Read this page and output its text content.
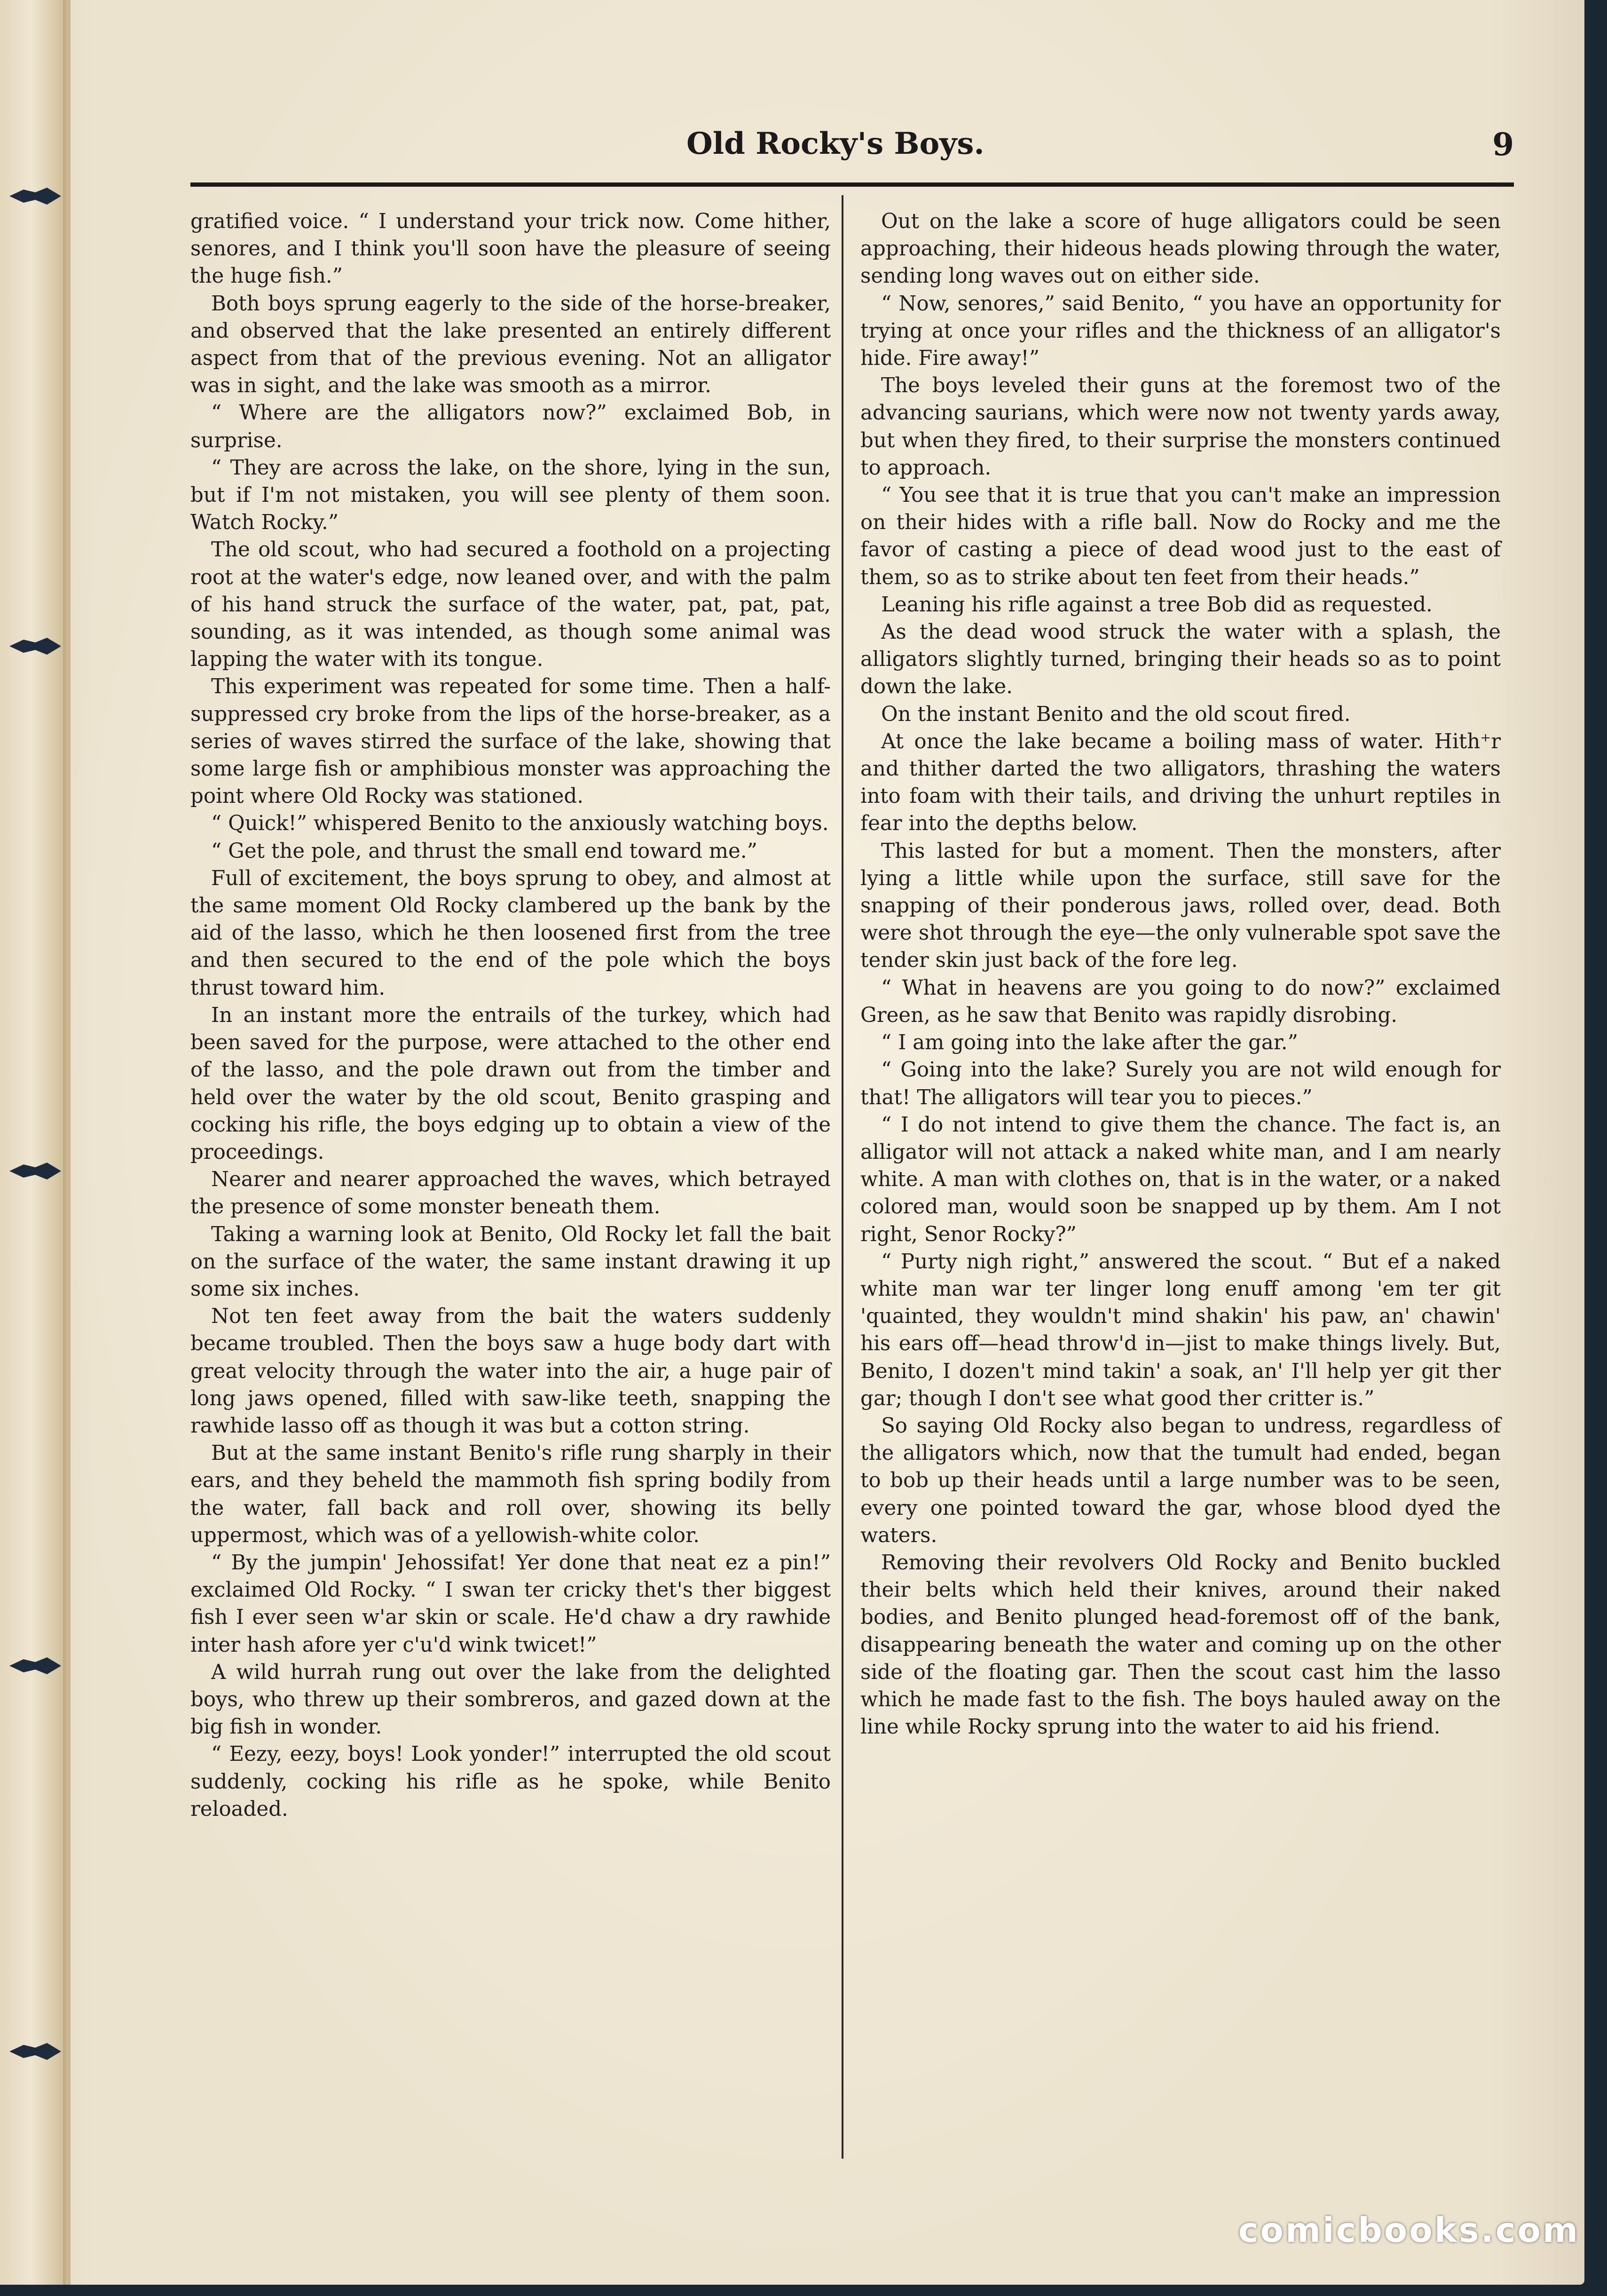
Old Rocky's Boys.	9

gratified voice. “ I understand your trick now. Come hither, senores, and I think you'll soon have the pleasure of seeing the huge fish.”

Both boys sprung eagerly to the side of the horse-breaker, and observed that the lake presented an entirely different aspect from that of the previous evening. Not an alligator was in sight, and the lake was smooth as a mirror.

“ Where are the alligators now?” exclaimed Bob, in surprise.

“ They are across the lake, on the shore, lying in the sun, but if I'm not mistaken, you will see plenty of them soon. Watch Rocky.”

The old scout, who had secured a foothold on a projecting root at the water's edge, now leaned over, and with the palm of his hand struck the surface of the water, pat, pat, pat, sounding, as it was intended, as though some animal was lapping the water with its tongue.

This experiment was repeated for some time. Then a half-suppressed cry broke from the lips of the horse-breaker, as a series of waves stirred the surface of the lake, showing that some large fish or amphibious monster was approaching the point where Old Rocky was stationed.

“ Quick!” whispered Benito to the anxiously watching boys.

“ Get the pole, and thrust the small end toward me.”

Full of excitement, the boys sprung to obey, and almost at the same moment Old Rocky clambered up the bank by the aid of the lasso, which he then loosened first from the tree and then secured to the end of the pole which the boys thrust toward him.

In an instant more the entrails of the turkey, which had been saved for the purpose, were attached to the other end of the lasso, and the pole drawn out from the timber and held over the water by the old scout, Benito grasping and cocking his rifle, the boys edging up to obtain a view of the proceedings.

Nearer and nearer approached the waves, which betrayed the presence of some monster beneath them.

Taking a warning look at Benito, Old Rocky let fall the bait on the surface of the water, the same instant drawing it up some six inches.

Not ten feet away from the bait the waters suddenly became troubled. Then the boys saw a huge body dart with great velocity through the water into the air, a huge pair of long jaws opened, filled with saw-like teeth, snapping the rawhide lasso off as though it was but a cotton string.

But at the same instant Benito's rifle rung sharply in their ears, and they beheld the mammoth fish spring bodily from the water, fall back and roll over, showing its belly uppermost, which was of a yellowish-white color.

“ By the jumpin' Jehossifat! Yer done that neat ez a pin!” exclaimed Old Rocky. “ I swan ter cricky thet's ther biggest fish I ever seen w'ar skin or scale. He'd chaw a dry rawhide inter hash afore yer c'u'd wink twicet!”

A wild hurrah rung out over the lake from the delighted boys, who threw up their sombreros, and gazed down at the big fish in wonder.

“ Eezy, eezy, boys! Look yonder!” interrupted the old scout suddenly, cocking his rifle as he spoke, while Benito reloaded.

Out on the lake a score of huge alligators could be seen approaching, their hideous heads plowing through the water, sending long waves out on either side.

“ Now, senores,” said Benito, “ you have an opportunity for trying at once your rifles and the thickness of an alligator's hide. Fire away!”

The boys leveled their guns at the foremost two of the advancing saurians, which were now not twenty yards away, but when they fired, to their surprise the monsters continued to approach.

“ You see that it is true that you can't make an impression on their hides with a rifle ball. Now do Rocky and me the favor of casting a piece of dead wood just to the east of them, so as to strike about ten feet from their heads.”

Leaning his rifle against a tree Bob did as requested.

As the dead wood struck the water with a splash, the alligators slightly turned, bringing their heads so as to point down the lake.

On the instant Benito and the old scout fired.

At once the lake became a boiling mass of water. Hith⁺r and thither darted the two alligators, thrashing the waters into foam with their tails, and driving the unhurt reptiles in fear into the depths below.

This lasted for but a moment. Then the monsters, after lying a little while upon the surface, still save for the snapping of their ponderous jaws, rolled over, dead. Both were shot through the eye—the only vulnerable spot save the tender skin just back of the fore leg.

“ What in heavens are you going to do now?” exclaimed Green, as he saw that Benito was rapidly disrobing.

“ I am going into the lake after the gar.”

“ Going into the lake? Surely you are not wild enough for that! The alligators will tear you to pieces.”

“ I do not intend to give them the chance. The fact is, an alligator will not attack a naked white man, and I am nearly white. A man with clothes on, that is in the water, or a naked colored man, would soon be snapped up by them. Am I not right, Senor Rocky?”

“ Purty nigh right,” answered the scout. “ But ef a naked white man war ter linger long enuff among 'em ter git 'quainted, they wouldn't mind shakin' his paw, an' chawin' his ears off—head throw'd in—jist to make things lively. But, Benito, I dozen't mind takin' a soak, an' I'll help yer git ther gar; though I don't see what good ther critter is.”

So saying Old Rocky also began to undress, regardless of the alligators which, now that the tumult had ended, began to bob up their heads until a large number was to be seen, every one pointed toward the gar, whose blood dyed the waters.

Removing their revolvers Old Rocky and Benito buckled their belts which held their knives, around their naked bodies, and Benito plunged head-foremost off of the bank, disappearing beneath the water and coming up on the other side of the floating gar. Then the scout cast him the lasso which he made fast to the fish. The boys hauled away on the line while Rocky sprung into the water to aid his friend.

comicbooks.com
